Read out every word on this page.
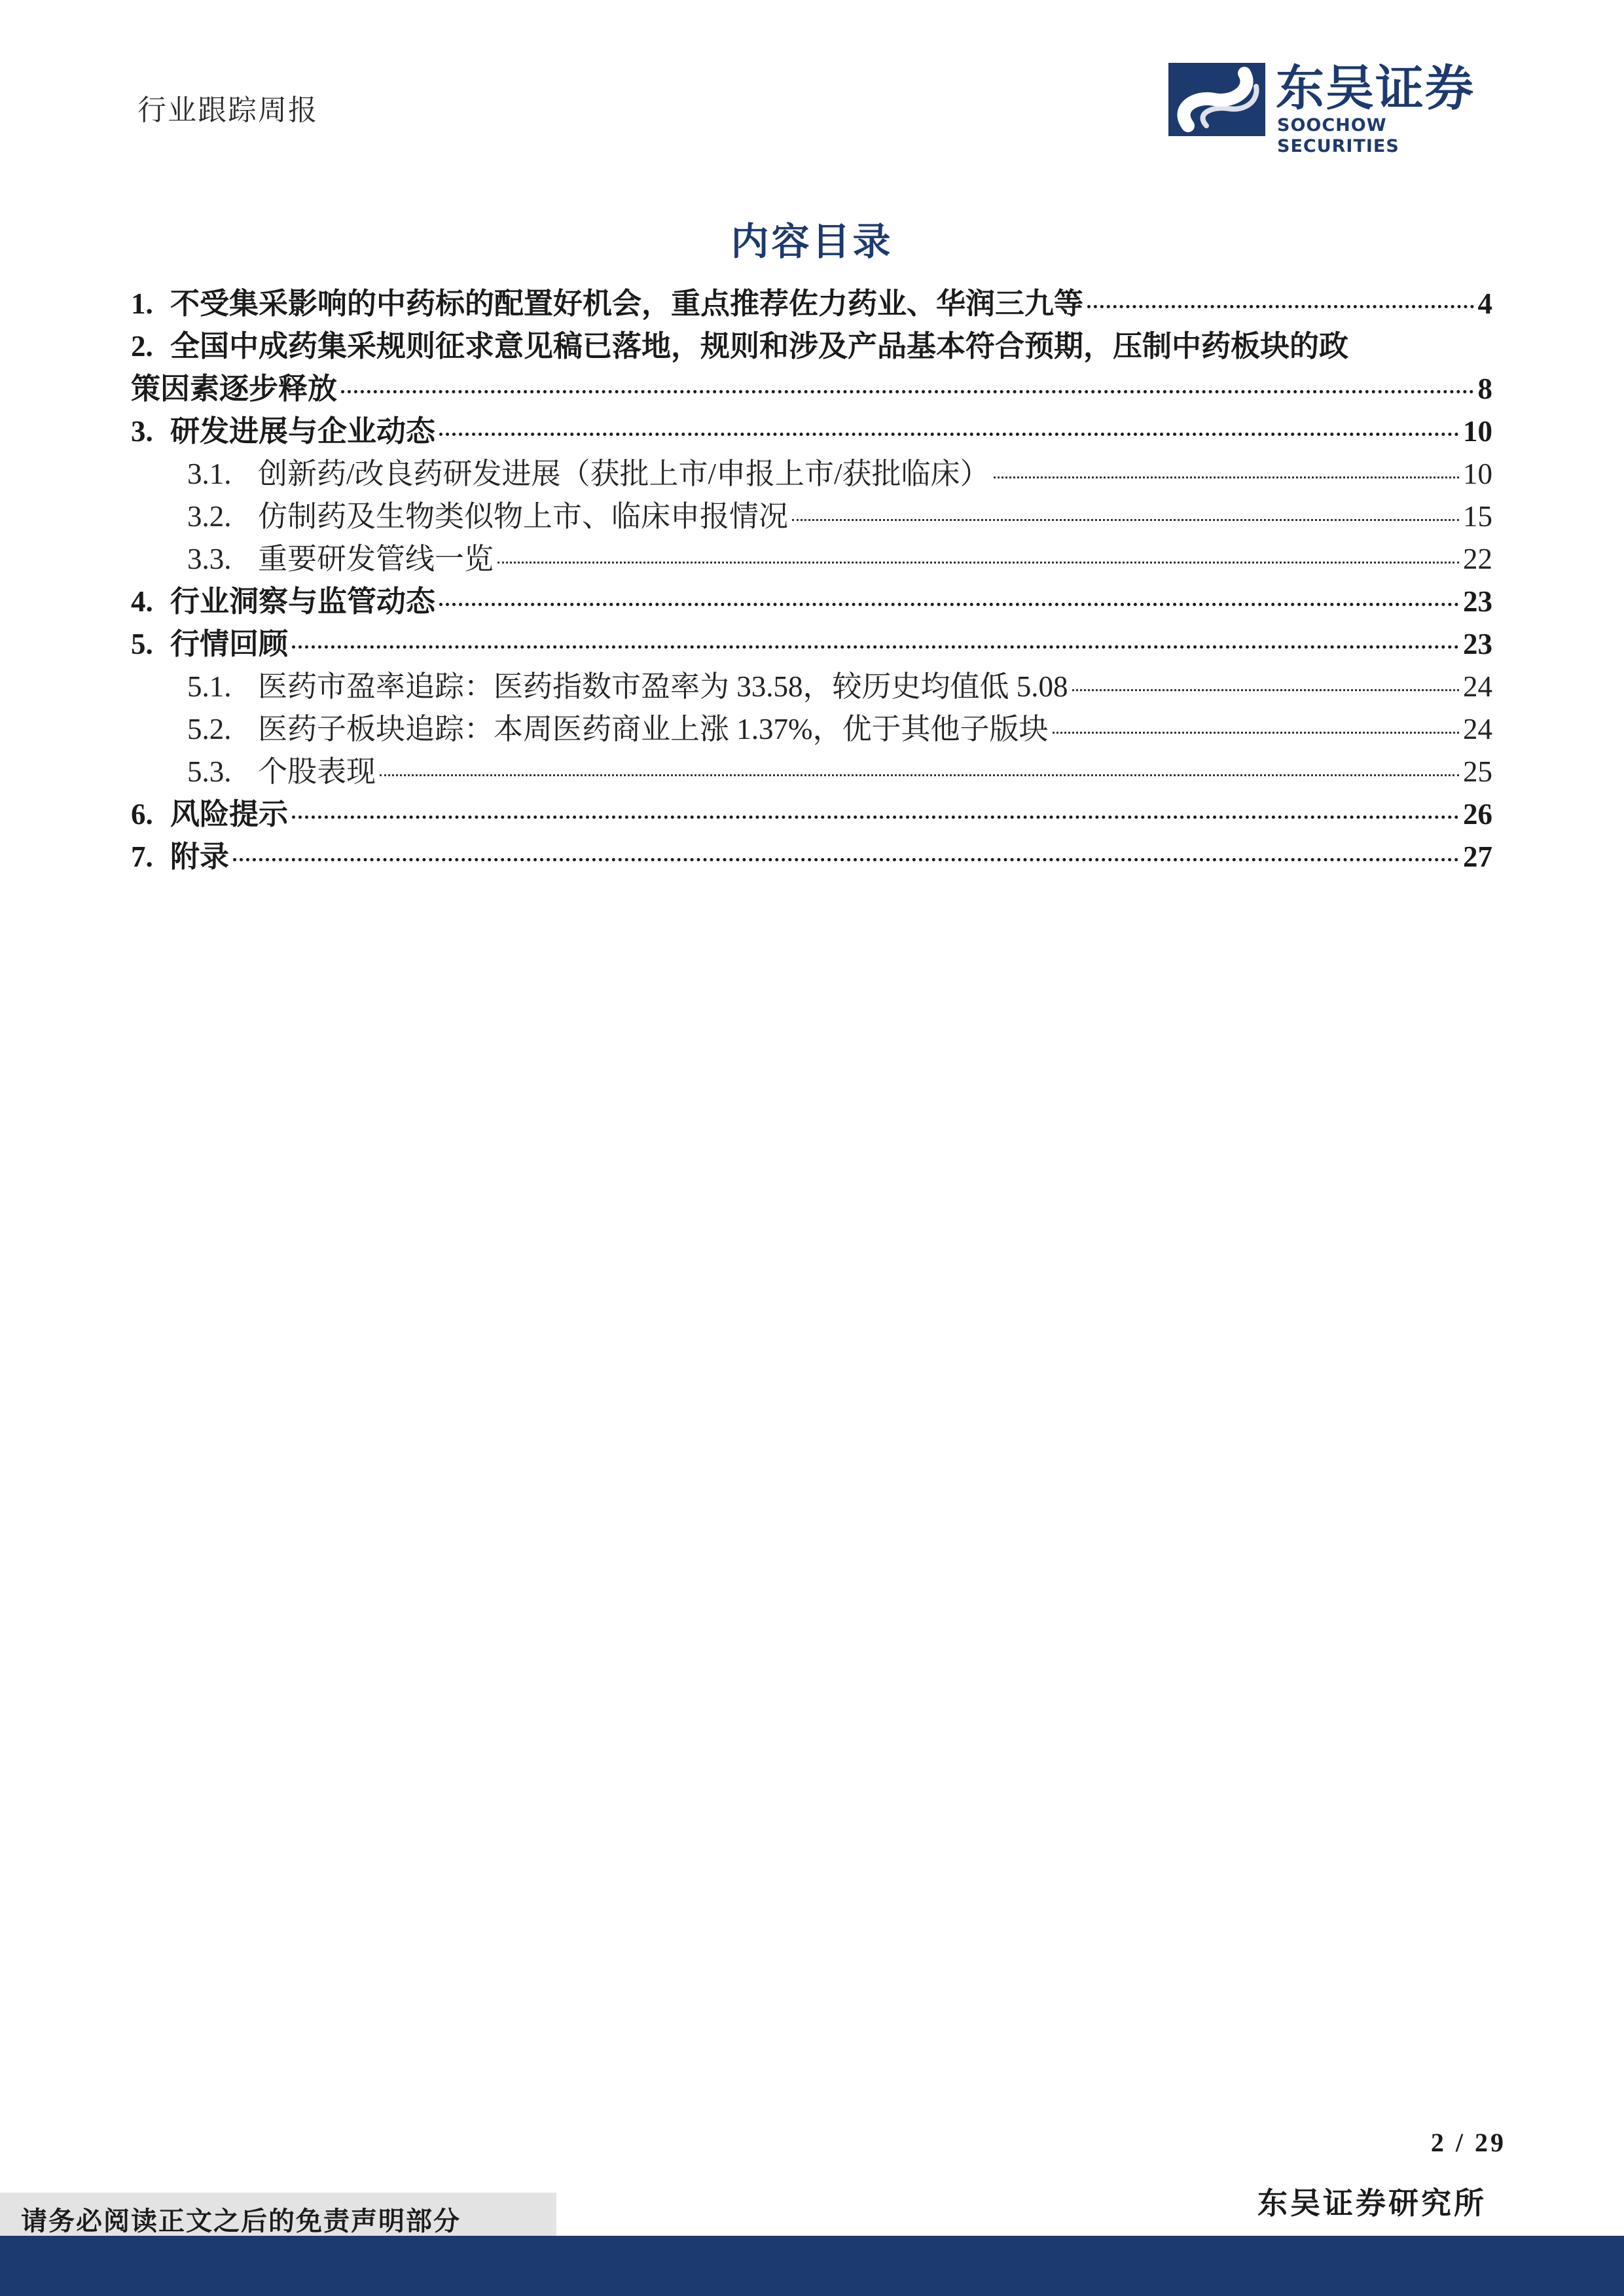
行业跟踪周报	东吴证券
SOOCHOW SECURITIES
内容目录
1. 不受集采影响的中药标的配置好机会，重点推荐佐力药业、华润三九等	4
2. 全国中成药集采规则征求意见稿已落地，规则和涉及产品基本符合预期，压制中药板块的政
策因素逐步释放	8
3. 研发进展与企业动态	10
3.1. 创新药/改良药研发进展（获批上市/申报上市/获批临床）	10
3.2. 仿制药及生物类似物上市、临床申报情况	15
3.3. 重要研发管线一览	22
4. 行业洞察与监管动态	23
5. 行情回顾	23
5.1. 医药市盈率追踪：医药指数市盈率为 33.58，较历史均值低 5.08	24
5.2. 医药子板块追踪：本周医药商业上涨 1.37%，优于其他子版块	24
5.3. 个股表现	25
6. 风险提示	26
7. 附录	27
2 / 29
请务必阅读正文之后的免责声明部分
东吴证券研究所
